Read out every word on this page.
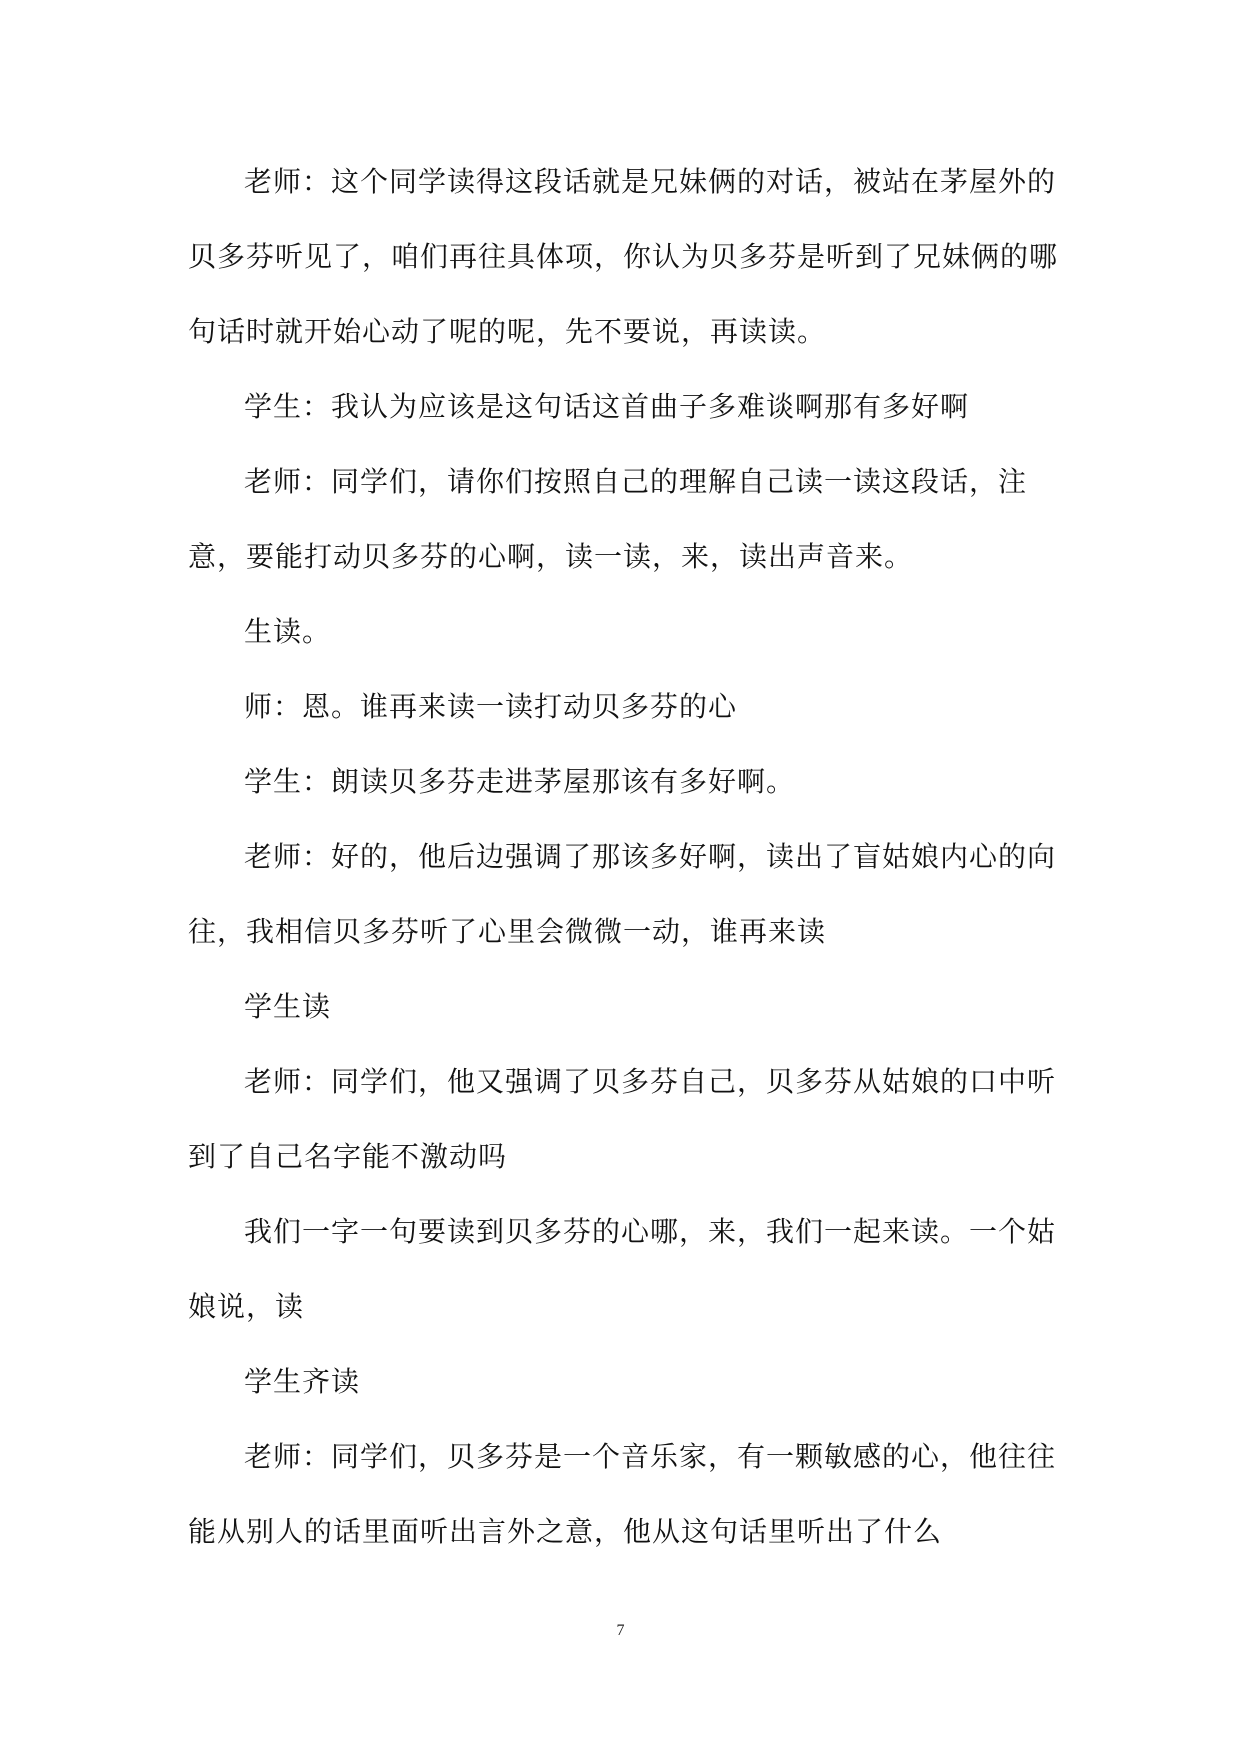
老师：这个同学读得这段话就是兄妹俩的对话，被站在茅屋外的贝多芬听见了，咱们再往具体项，你认为贝多芬是听到了兄妹俩的哪句话时就开始心动了呢的呢，先不要说，再读读。

学生：我认为应该是这句话这首曲子多难谈啊那有多好啊

老师：同学们，请你们按照自己的理解自己读一读这段话，注意，要能打动贝多芬的心啊，读一读，来，读出声音来。

生读。

师：恩。谁再来读一读打动贝多芬的心

学生：朗读贝多芬走进茅屋那该有多好啊。

老师：好的，他后边强调了那该多好啊，读出了盲姑娘内心的向往，我相信贝多芬听了心里会微微一动，谁再来读

学生读

老师：同学们，他又强调了贝多芬自己，贝多芬从姑娘的口中听到了自己名字能不激动吗

我们一字一句要读到贝多芬的心哪，来，我们一起来读。一个姑娘说，读

学生齐读

老师：同学们，贝多芬是一个音乐家，有一颗敏感的心，他往往能从别人的话里面听出言外之意，他从这句话里听出了什么

7
